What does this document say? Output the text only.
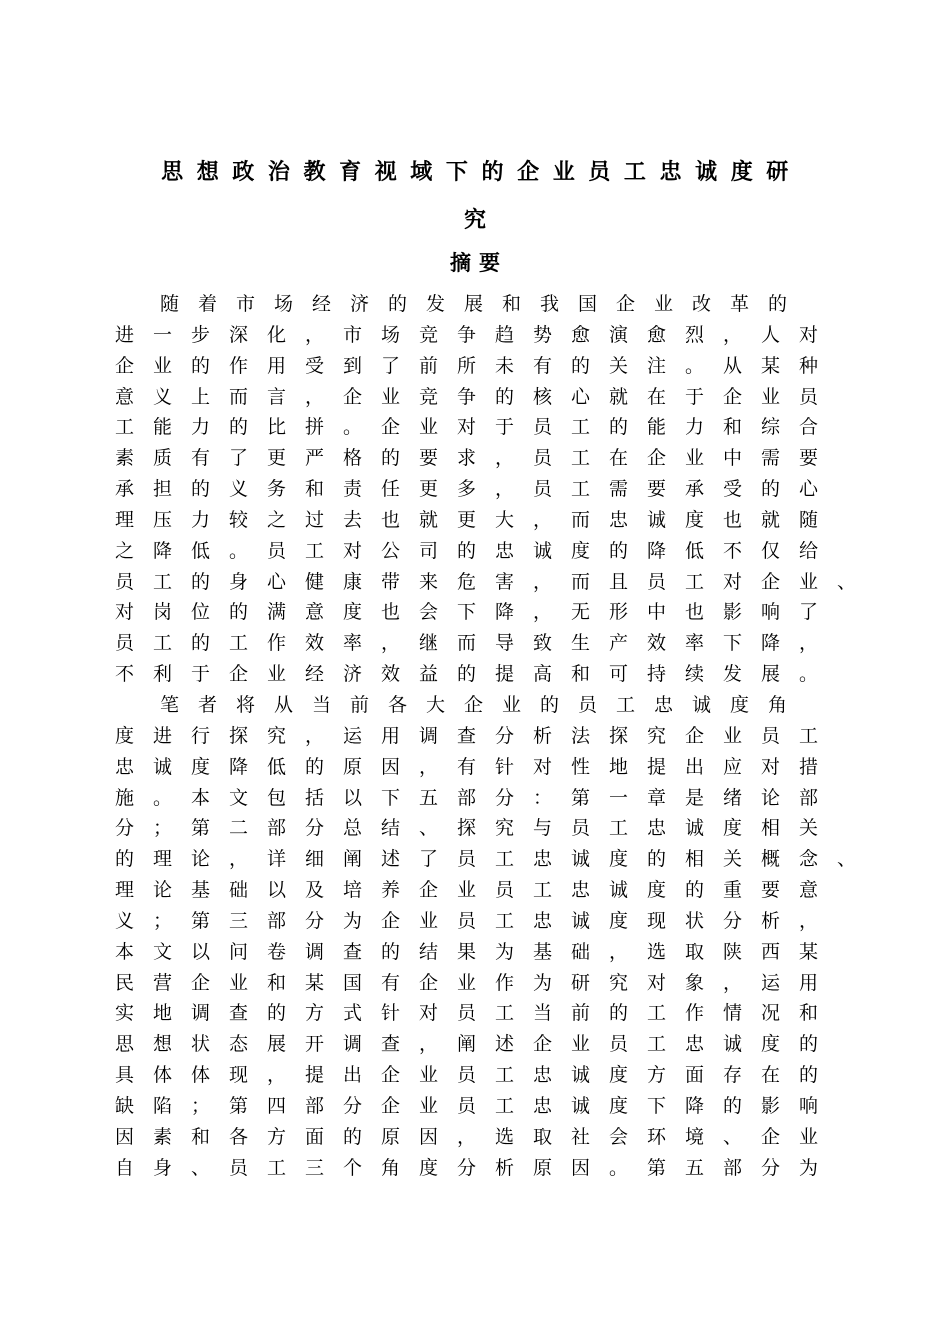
思想政治教育视域下的企业员工忠诚度研
究
摘要
随 着 市 场 经 济 的 发 展 和 我 国 企 业 改 革 的
进 一 步 深 化 ， 市 场 竞 争 趋 势 愈 演 愈 烈 ， 人 对
企 业 的 作 用 受 到 了 前 所 未 有 的 关 注 。 从 某 种
意 义 上 而 言 ， 企 业 竞 争 的 核 心 就 在 于 企 业 员
工 能 力 的 比 拼 。 企 业 对 于 员 工 的 能 力 和 综 合
素 质 有 了 更 严 格 的 要 求 ， 员 工 在 企 业 中 需 要
承 担 的 义 务 和 责 任 更 多 ， 员 工 需 要 承 受 的 心
理 压 力 较 之 过 去 也 就 更 大 ， 而 忠 诚 度 也 就 随
之 降 低 。 员 工 对 公 司 的 忠 诚 度 的 降 低 不 仅 给
员 工 的 身 心 健 康 带 来 危 害 ， 而 且 员 工 对 企 业 、
对 岗 位 的 满 意 度 也 会 下 降 ， 无 形 中 也 影 响 了
员 工 的 工 作 效 率 ， 继 而 导 致 生 产 效 率 下 降 ，
不 利 于 企 业 经 济 效 益 的 提 高 和 可 持 续 发 展 。
笔 者 将 从 当 前 各 大 企 业 的 员 工 忠 诚 度 角
度 进 行 探 究 ， 运 用 调 查 分 析 法 探 究 企 业 员 工
忠 诚 度 降 低 的 原 因 ， 有 针 对 性 地 提 出 应 对 措
施 。 本 文 包 括 以 下 五 部 分 ： 第 一 章 是 绪 论 部
分 ； 第 二 部 分 总 结 、 探 究 与 员 工 忠 诚 度 相 关
的 理 论 ， 详 细 阐 述 了 员 工 忠 诚 度 的 相 关 概 念 、
理 论 基 础 以 及 培 养 企 业 员 工 忠 诚 度 的 重 要 意
义 ； 第 三 部 分 为 企 业 员 工 忠 诚 度 现 状 分 析 ，
本 文 以 问 卷 调 查 的 结 果 为 基 础 ， 选 取 陕 西 某
民 营 企 业 和 某 国 有 企 业 作 为 研 究 对 象 ， 运 用
实 地 调 查 的 方 式 针 对 员 工 当 前 的 工 作 情 况 和
思 想 状 态 展 开 调 查 ， 阐 述 企 业 员 工 忠 诚 度 的
具 体 体 现 ， 提 出 企 业 员 工 忠 诚 度 方 面 存 在 的
缺 陷 ； 第 四 部 分 企 业 员 工 忠 诚 度 下 降 的 影 响
因 素 和 各 方 面 的 原 因 ， 选 取 社 会 环 境 、 企 业
自 身 、 员 工 三 个 角 度 分 析 原 因 。 第 五 部 分 为
